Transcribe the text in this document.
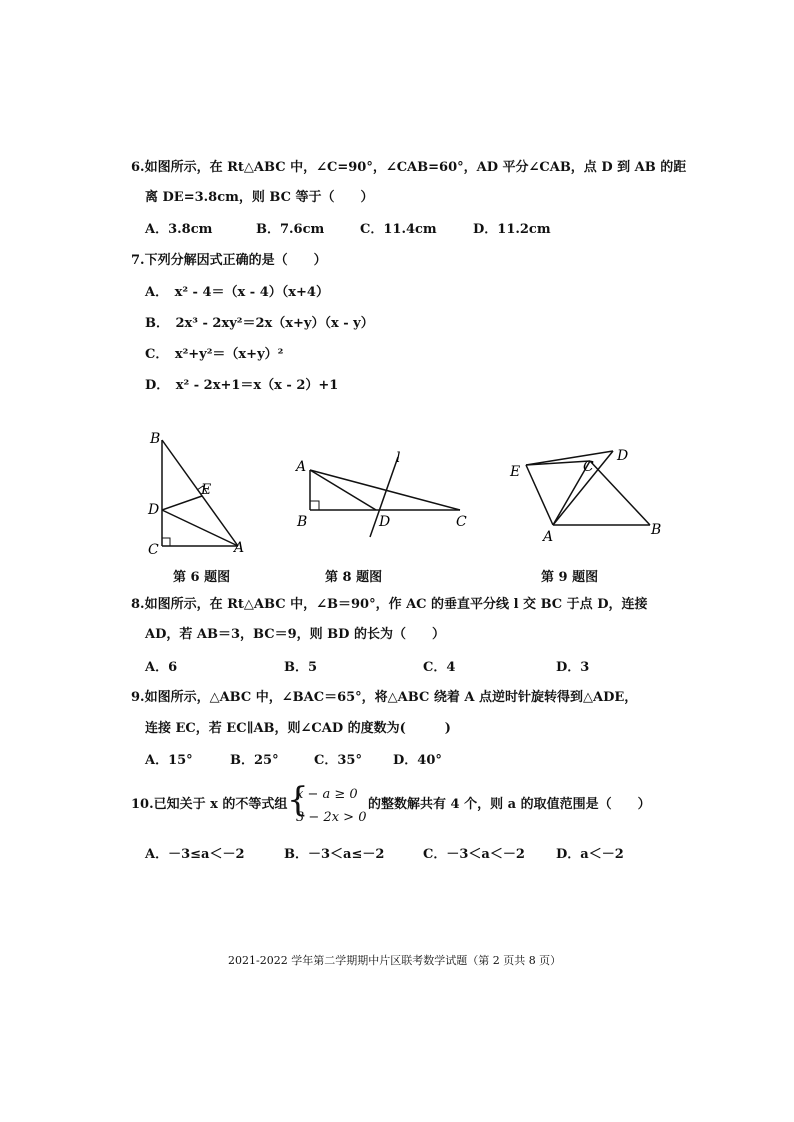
6.如图所示，在 Rt△ABC 中，∠C=90°，∠CAB=60°，AD 平分∠CAB，点 D 到 AB 的距
离 DE=3.8cm，则 BC 等于（　　）
A．3.8cm	B．7.6cm	C．11.4cm	D．11.2cm
7.下列分解因式正确的是（　　）
A．　x² - 4＝（x - 4）（x+4）
B．　2x³ - 2xy²＝2x（x+y）（x - y）
C．　x²+y²＝（x+y）²
D．　x² - 2x+1＝x（x - 2）+1
B
E
D
C	A
第 6 题图
A
l
B	D	C
第 8 题图
E	C
D
A	B
第 9 题图
8.如图所示，在 Rt△ABC 中，∠B＝90°，作 AC 的垂直平分线 l 交 BC 于点 D，连接
AD，若 AB＝3，BC＝9，则 BD 的长为（　　）
A．6	B．5	C．4	D．3
9.如图所示，△ABC 中，∠BAC＝65°，将△ABC 绕着 A 点逆时针旋转得到△ADE，
连接 EC，若 EC∥AB，则∠CAD 的度数为(　　　)
A．15°	B．25°	C．35° D．40°
10.已知关于 x 的不等式组 {
x − a ≥ 0
3 − 2x > 0
的整数解共有 4 个，则 a 的取值范围是（　　）
A．－3≤a＜－2	B．－3＜a≤－2	C．－3＜a＜－2 D．a＜－2
2021-2022 学年第二学期期中片区联考数学试题（第 2 页共 8 页）
